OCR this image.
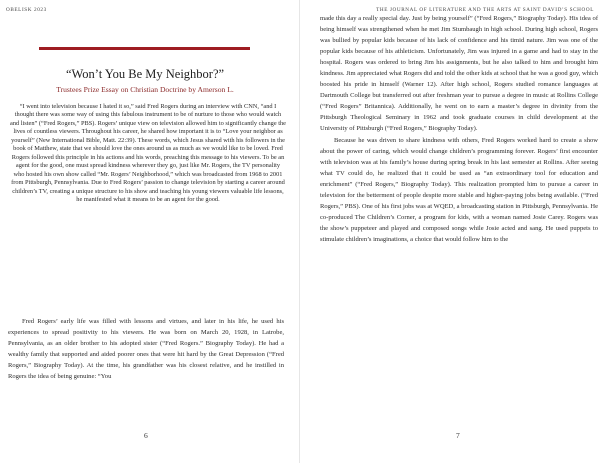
OBELISK 2023
“Won’t You Be My Neighbor?”
Trustees Prize Essay on Christian Doctrine by Amerson L.
“I went into television because I hated it so,” said Fred Rogers during an interview with CNN, “and I thought there was some way of using this fabulous instrument to be of nurture to those who would watch and listen” (“Fred Rogers,” PBS). Rogers’ unique view on television allowed him to significantly change the lives of countless viewers. Throughout his career, he shared how important it is to “Love your neighbor as yourself” (New International Bible, Matt. 22:39). These words, which Jesus shared with his followers in the book of Matthew, state that we should love the ones around us as much as we would like to be loved. Fred Rogers followed this principle in his actions and his words, preaching this message to his viewers. To be an agent for the good, one must spread kindness wherever they go, just like Mr. Rogers, the TV personality who hosted his own show called “Mr. Rogers’ Neighborhood,” which was broadcasted from 1968 to 2001 from Pittsburgh, Pennsylvania. Due to Fred Rogers’ passion to change television by starting a career around children’s TV, creating a unique structure to his show and teaching his young viewers valuable life lessons, he manifested what it means to be an agent for the good.
Fred Rogers’ early life was filled with lessons and virtues, and later in his life, he used his experiences to spread positivity to his viewers. He was born on March 20, 1928, in Latrobe, Pennsylvania, as an older brother to his adopted sister (“Fred Rogers.” Biography Today). He had a wealthy family that supported and aided poorer ones that were hit hard by the Great Depression (“Fred Rogers,” Biography Today). At the time, his grandfather was his closest relative, and he instilled in Rogers the idea of being genuine: “You
6
THE JOURNAL OF LITERATURE AND THE ARTS AT SAINT DAVID’S SCHOOL

made this day a really special day. Just by being yourself” (“Fred Rogers,” Biography Today). His idea of being himself was strengthened when he met Jim Stumbaugh in high school. During high school, Rogers was bullied by popular kids because of his lack of confidence and his timid nature. Jim was one of the popular kids because of his athleticism. Unfortunately, Jim was injured in a game and had to stay in the hospital. Rogers was ordered to bring Jim his assignments, but he also talked to him and brought him kindness. Jim appreciated what Rogers did and told the other kids at school that he was a good guy, which boosted his pride in himself (Warner 12). After high school, Rogers studied romance languages at Dartmouth College but transferred out after freshman year to pursue a degree in music at Rollins College (“Fred Rogers” Britannica). Additionally, he went on to earn a master’s degree in divinity from the Pittsburgh Theological Seminary in 1962 and took graduate courses in child development at the University of Pittsburgh (“Fred Rogers,” Biography Today).

Because he was driven to share kindness with others, Fred Rogers worked hard to create a show about the power of caring, which would change children’s programming forever. Rogers’ first encounter with television was at his family’s house during spring break in his last semester at Rollins. After seeing what TV could do, he realized that it could be used as “an extraordinary tool for education and enrichment” (“Fred Rogers,” Biography Today). This realization prompted him to pursue a career in television for the betterment of people despite more stable and higher-paying jobs being available. (“Fred Rogers,” PBS). One of his first jobs was at WQED, a broadcasting station in Pittsburgh, Pennsylvania. He co-produced The Children’s Corner, a program for kids, with a woman named Josie Carey. Rogers was the show’s puppeteer and played and composed songs while Josie acted and sang. He used puppets to stimulate children’s imaginations, a choice that would follow him to the

7
